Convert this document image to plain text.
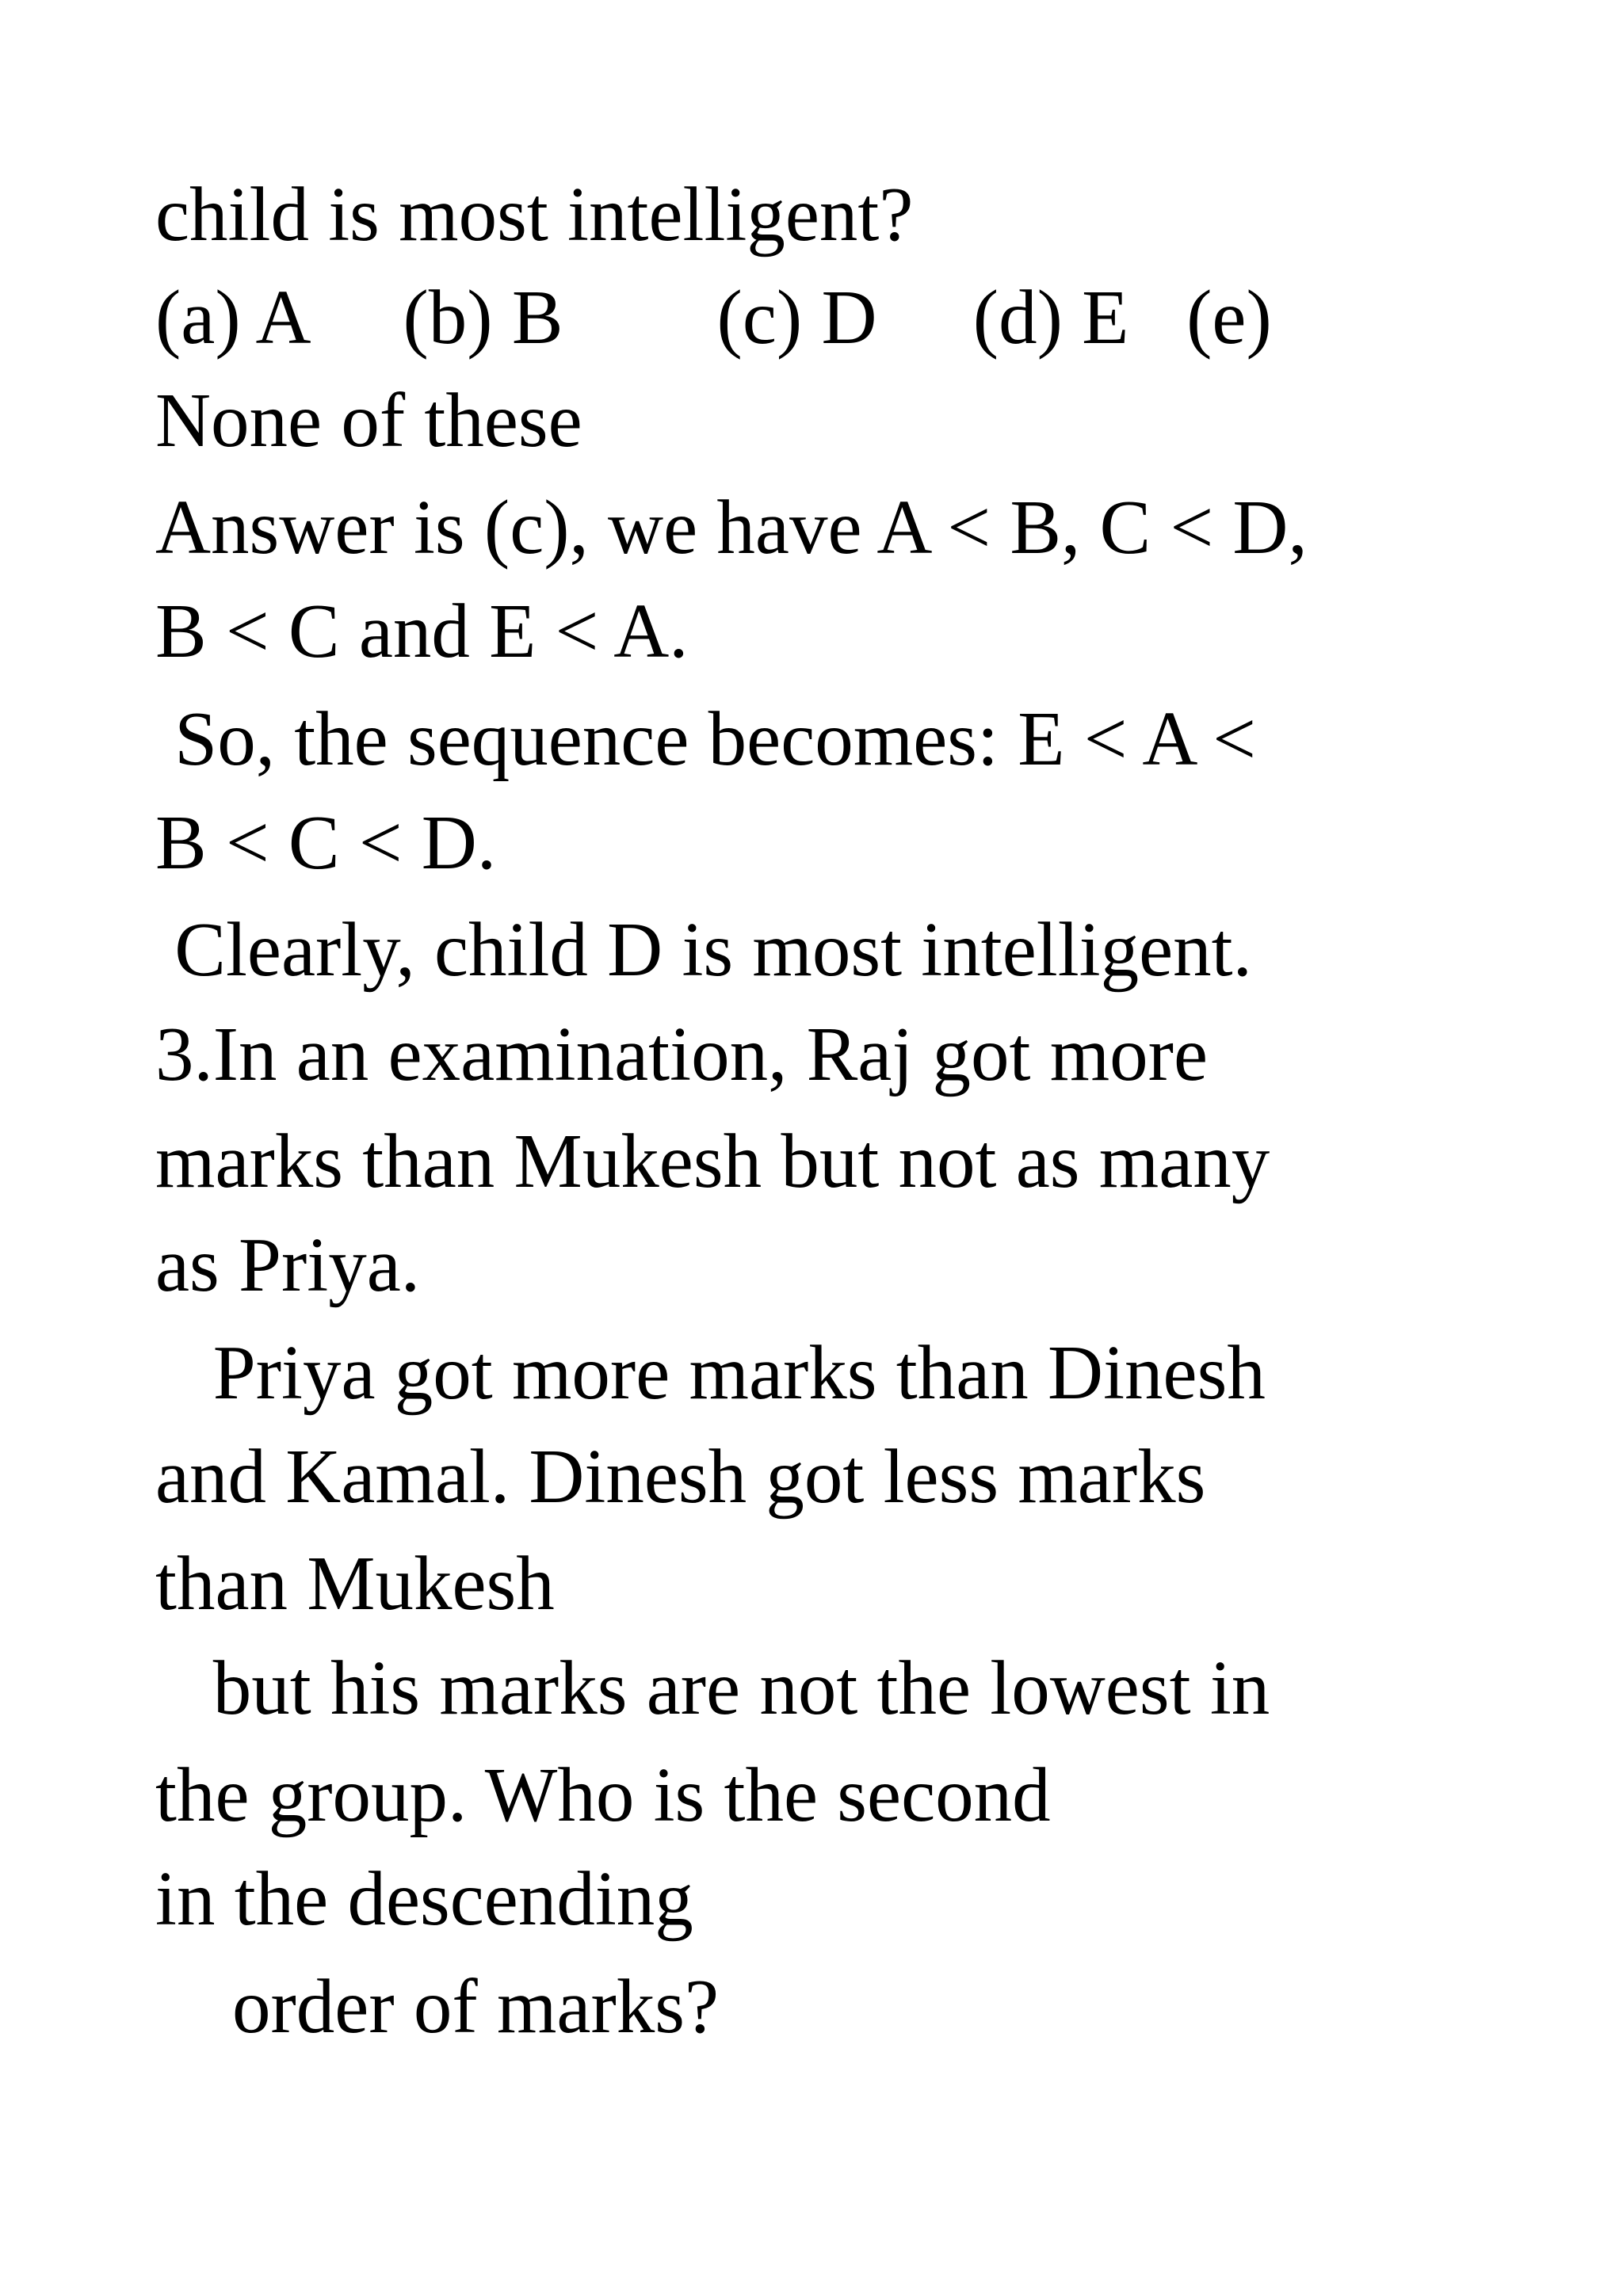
child is most intelligent?

(a) A     (b) B        (c) D     (d) E   (e)

None of these

Answer is (c), we have A < B, C < D,

B < C and E < A.

So, the sequence becomes: E < A <

B < C < D.

Clearly, child D is most intelligent.

3.In an examination, Raj got more

marks than Mukesh but not as many

as Priya.

Priya got more marks than Dinesh

and Kamal. Dinesh got less marks

than Mukesh

but his marks are not the lowest in

the group. Who is the second

in the descending

order of marks?
